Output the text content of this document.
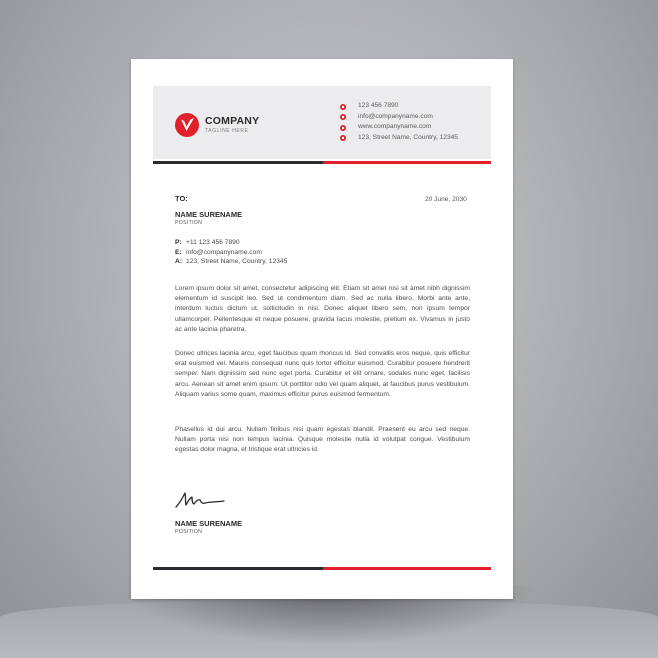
COMPANY
TAGLINE HERE
123 456 7890
info@companyname.com
www.companyname.com
123, Street Name, Country, 12345
TO:	20 June, 2030
NAME SURENAME
POSITION
P: +11 123 456 7890
E: info@companyname.com
A: 123, Street Name, Country, 12345

Lorem ipsum dolor sit amet, consectetur adipiscing elit. Etiam sit amet nisi sit amet nibh dignissim elementum id suscipit leo. Sed ut condimentum diam. Sed ac nulla libero. Morbi ante ante, interdum luctus dictum ut, sollicitudin in nisi. Donec aliquet libero sem, non ipsum tempor ullamcorper. Pellentesque et neque posuere, gravida lacus molestie, pretium ex. Vivamus in justo ac ante lacinia pharetra.

Donec ultrices lacinia arcu, eget faucibus quam rhoncus id. Sed convallis eros neque, quis efficitur erat euismod vel. Mauris consequat nunc quis tortor efficitur euismod. Curabitur posuere hendrerit semper. Nam dignissim sed nunc eget porta. Curabitur et elit ornare, sodales nunc eget, facilisis arcu. Aenean sit amet enim ipsum. Ut porttitor odio vel quam aliquet, at faucibus purus vestibulum. Aliquam varius some quam, maximus efficitur purus euismod fermentum.

Phasellus id dui arcu. Nullam finibus nisi quam egestas blandit. Praesent eu arcu sed neque. Nullam porta nisi non tempus lacinia. Quisque molestie nulla id volutpat congue. Vestibulum egestas dolor magna, et tristique erat ultricies id.

NAME SURENAME
POSITION
